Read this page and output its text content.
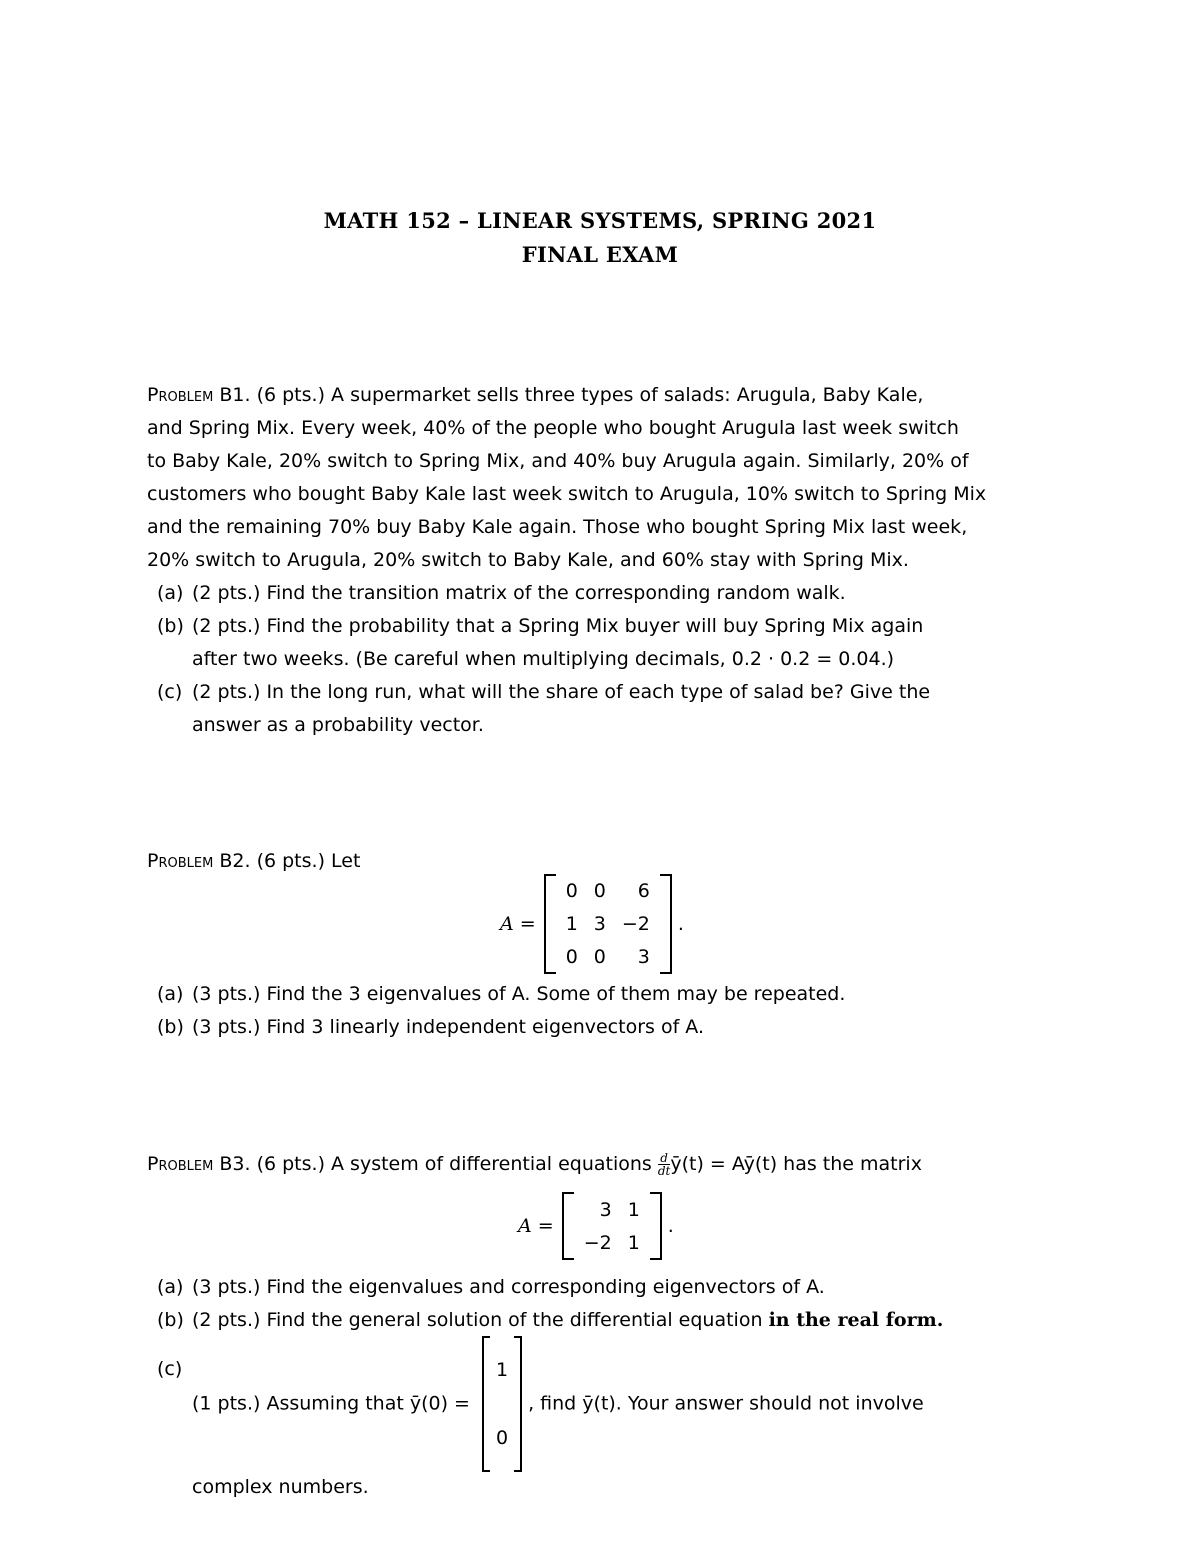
MATH 152 – LINEAR SYSTEMS, SPRING 2021
FINAL EXAM
Problem B1. (6 pts.) A supermarket sells three types of salads: Arugula, Baby Kale,
and Spring Mix. Every week, 40% of the people who bought Arugula last week switch
to Baby Kale, 20% switch to Spring Mix, and 40% buy Arugula again. Similarly, 20% of
customers who bought Baby Kale last week switch to Arugula, 10% switch to Spring Mix
and the remaining 70% buy Baby Kale again. Those who bought Spring Mix last week,
20% switch to Arugula, 20% switch to Baby Kale, and 60% stay with Spring Mix.
(a) (2 pts.) Find the transition matrix of the corresponding random walk.
(b) (2 pts.) Find the probability that a Spring Mix buyer will buy Spring Mix again
after two weeks. (Be careful when multiplying decimals, 0.2 · 0.2 = 0.04.)
(c) (2 pts.) In the long run, what will the share of each type of salad be? Give the
answer as a probability vector.
Problem B2. (6 pts.) Let
A =
0	0	6
1	3	−2
0	0	3
.
(a) (3 pts.) Find the 3 eigenvalues of A. Some of them may be repeated.
(b) (3 pts.) Find 3 linearly independent eigenvectors of A.
Problem B3. (6 pts.) A system of differential equations $\frac{d}{dt}$ ȳ(t) = Aȳ(t) has the matrix
A =
3	1
−2	1
.
(a) (3 pts.) Find the eigenvalues and corresponding eigenvectors of A.
(b) (2 pts.) Find the general solution of the differential equation in the real form.
(c)
(1 pts.) Assuming that ȳ(0) =
1
0
, find ȳ(t). Your answer should not involve
complex numbers.
